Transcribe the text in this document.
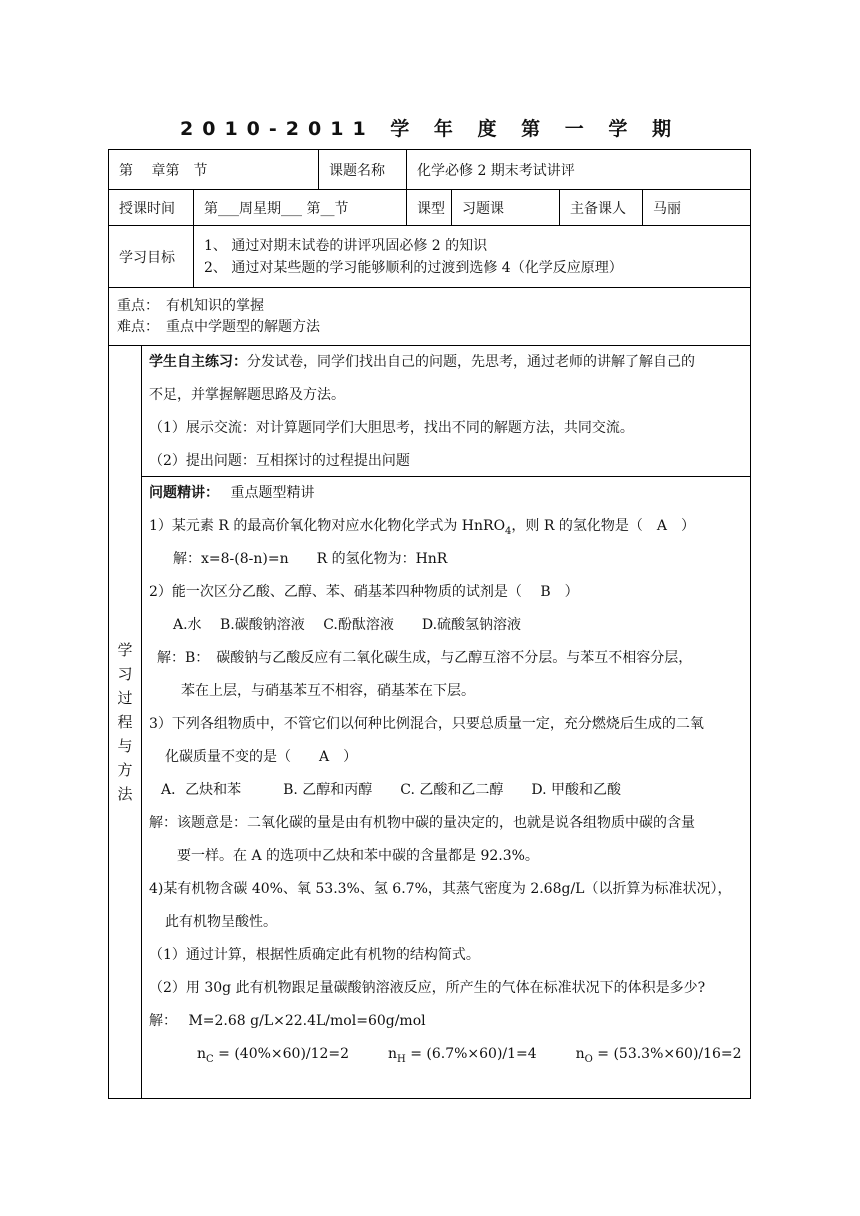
2010-2011 学 年 度 第 一 学 期
第　 章第　节	课题名称	化学必修 2 期末考试讲评
授课时间	第___周星期___ 第__节	课型	习题课	主备课人	马丽
学习目标
1、 通过对期末试卷的讲评巩固必修 2 的知识
2、 通过对某些题的学习能够顺利的过渡到选修 4（化学反应原理）
重点：　有机知识的掌握
难点：　重点中学题型的解题方法
学
习
过
程
与
方
法

学生自主练习：分发试卷，同学们找出自己的问题，先思考，通过老师的讲解了解自己的

不足，并掌握解题思路及方法。

（1）展示交流：对计算题同学们大胆思考，找出不同的解题方法，共同交流。

（2）提出问题：互相探讨的过程提出问题

问题精讲：　 重点题型精讲

1）某元素 R 的最高价氧化物对应水化物化学式为 HnRO$_4$，则 R 的氢化物是（　A　）

解：x=8-(8-n)=n　　R 的氢化物为：HnR

2）能一次区分乙酸、乙醇、苯、硝基苯四种物质的试剂是（　 B　）

A.水　 B.碳酸钠溶液　 C.酚酞溶液　　D.硫酸氢钠溶液

解：B：　碳酸钠与乙酸反应有二氧化碳生成，与乙醇互溶不分层。与苯互不相容分层，

苯在上层，与硝基苯互不相容，硝基苯在下层。

3）下列各组物质中，不管它们以何种比例混合，只要总质量一定，充分燃烧后生成的二氧

化碳质量不变的是（　　A　）

A．乙炔和苯　　　B. 乙醇和丙醇　　C. 乙酸和乙二醇　　D. 甲酸和乙酸

解：该题意是：二氧化碳的量是由有机物中碳的量决定的，也就是说各组物质中碳的含量

要一样。在 A 的选项中乙炔和苯中碳的含量都是 92.3%。

4)某有机物含碳 40%、氧 53.3%、氢 6.7%，其蒸气密度为 2.68g/L（以折算为标准状况），

此有机物呈酸性。

（1）通过计算，根据性质确定此有机物的结构简式。

（2）用 30g 此有机物跟足量碳酸钠溶液反应，所产生的气体在标准状况下的体积是多少?

解：　 M=2.68 g/L×22.4L/mol=60g/mol

$n_C = (40\%\times 60)/12=2$	$n_H = (6.7\%\times 60)/1=4$	$n_O = (53.3\%\times 60)/16=2$
